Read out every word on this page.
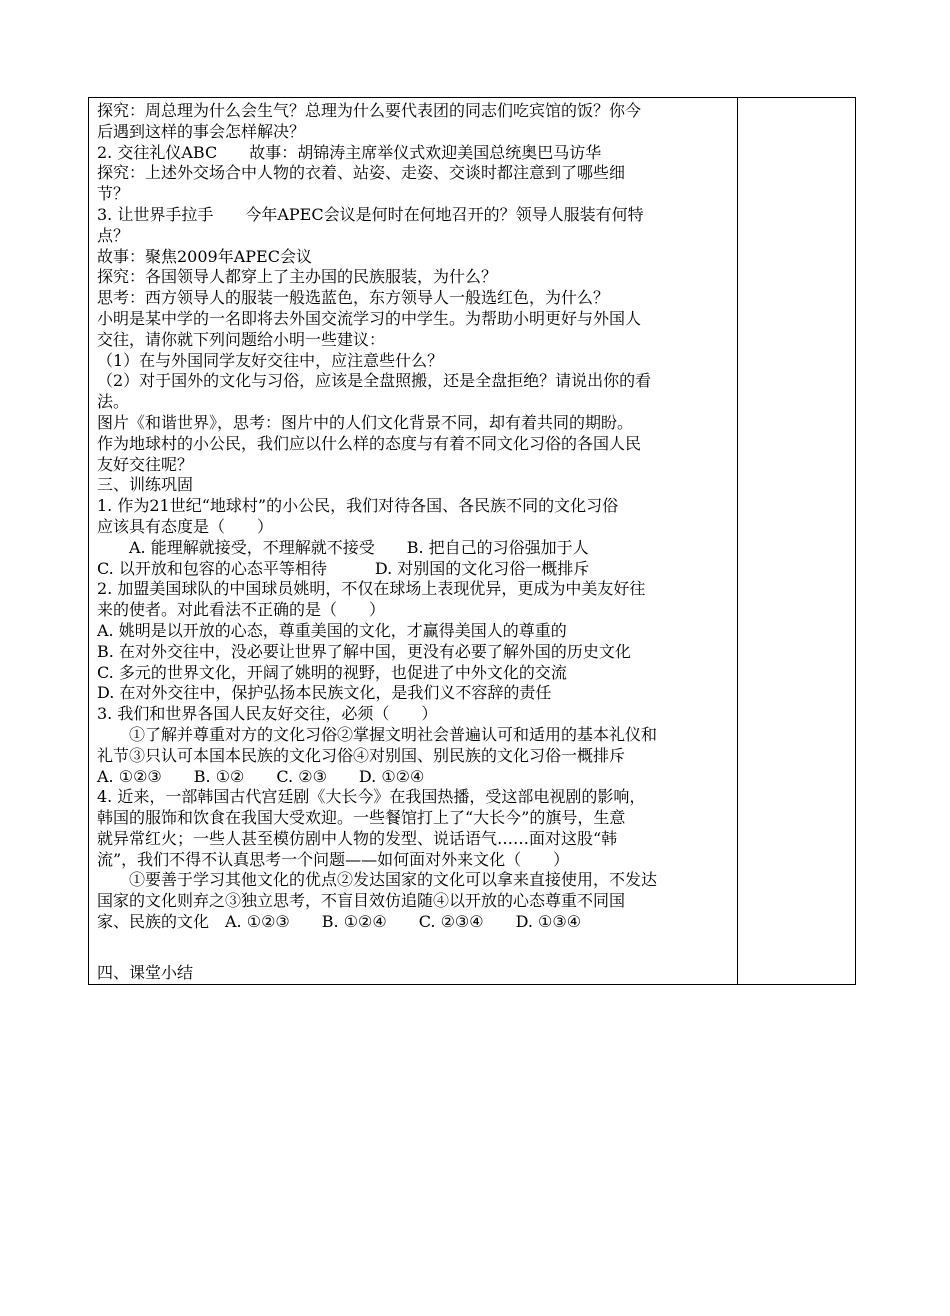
探究：周总理为什么会生气？总理为什么要代表团的同志们吃宾馆的饭？你今
后遇到这样的事会怎样解决？
2. 交往礼仪ABC　　故事：胡锦涛主席举仪式欢迎美国总统奥巴马访华
探究：上述外交场合中人物的衣着、站姿、走姿、交谈时都注意到了哪些细
节？
3. 让世界手拉手　　今年APEC会议是何时在何地召开的？领导人服装有何特
点？
故事：聚焦2009年APEC会议
探究：各国领导人都穿上了主办国的民族服装，为什么？
思考：西方领导人的服装一般选蓝色，东方领导人一般选红色，为什么？
小明是某中学的一名即将去外国交流学习的中学生。为帮助小明更好与外国人
交往，请你就下列问题给小明一些建议：
（1）在与外国同学友好交往中，应注意些什么？
（2）对于国外的文化与习俗，应该是全盘照搬，还是全盘拒绝？请说出你的看
法。
图片《和谐世界》，思考：图片中的人们文化背景不同，却有着共同的期盼。
作为地球村的小公民，我们应以什么样的态度与有着不同文化习俗的各国人民
友好交往呢？
三、训练巩固
1. 作为21世纪“地球村”的小公民，我们对待各国、各民族不同的文化习俗
应该具有态度是（　　）
A. 能理解就接受，不理解就不接受　　B. 把自己的习俗强加于人
C. 以开放和包容的心态平等相待　　　D. 对别国的文化习俗一概排斥
2. 加盟美国球队的中国球员姚明，不仅在球场上表现优异，更成为中美友好往
来的使者。对此看法不正确的是（　　）
A. 姚明是以开放的心态，尊重美国的文化，才赢得美国人的尊重的
B. 在对外交往中，没必要让世界了解中国，更没有必要了解外国的历史文化
C. 多元的世界文化，开阔了姚明的视野，也促进了中外文化的交流
D. 在对外交往中，保护弘扬本民族文化，是我们义不容辞的责任
3. 我们和世界各国人民友好交往，必须（　　）
①了解并尊重对方的文化习俗②掌握文明社会普遍认可和适用的基本礼仪和
礼节③只认可本国本民族的文化习俗④对别国、别民族的文化习俗一概排斥
A. ①②③　　B. ①②　　C. ②③　　D. ①②④
4. 近来，一部韩国古代宫廷剧《大长今》在我国热播，受这部电视剧的影响，
韩国的服饰和饮食在我国大受欢迎。一些餐馆打上了“大长今”的旗号，生意
就异常红火；一些人甚至模仿剧中人物的发型、说话语气……面对这股“韩
流”，我们不得不认真思考一个问题——如何面对外来文化（　　）
①要善于学习其他文化的优点②发达国家的文化可以拿来直接使用，不发达
国家的文化则弃之③独立思考，不盲目效仿追随④以开放的心态尊重不同国
家、民族的文化　A. ①②③　　B. ①②④　　C. ②③④　　D. ①③④
四、课堂小结
